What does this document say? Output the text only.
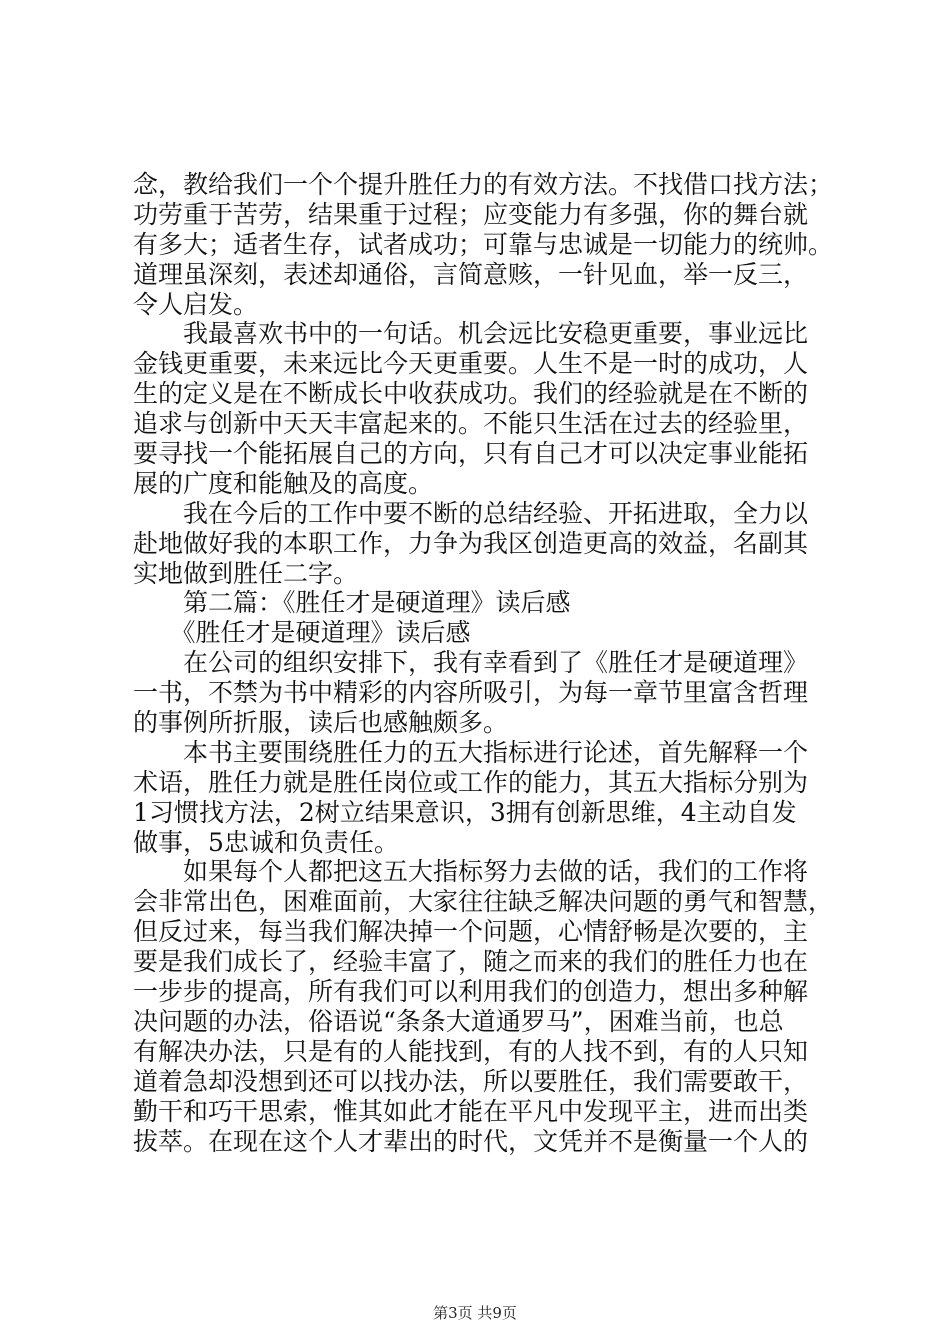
念，教给我们一个个提升胜任力的有效方法。不找借口找方法；
功劳重于苦劳，结果重于过程；应变能力有多强，你的舞台就
有多大；适者生存，试者成功；可靠与忠诚是一切能力的统帅。
道理虽深刻，表述却通俗，言简意赅，一针见血，举一反三，
令人启发。
　　我最喜欢书中的一句话。机会远比安稳更重要，事业远比
金钱更重要，未来远比今天更重要。人生不是一时的成功，人
生的定义是在不断成长中收获成功。我们的经验就是在不断的
追求与创新中天天丰富起来的。不能只生活在过去的经验里，
要寻找一个能拓展自己的方向，只有自己才可以决定事业能拓
展的广度和能触及的高度。
　　我在今后的工作中要不断的总结经验、开拓进取，全力以
赴地做好我的本职工作，力争为我区创造更高的效益，名副其
实地做到胜任二字。
　　第二篇：《胜任才是硬道理》读后感
　　《胜任才是硬道理》读后感
　　在公司的组织安排下，我有幸看到了《胜任才是硬道理》
一书，不禁为书中精彩的内容所吸引，为每一章节里富含哲理
的事例所折服，读后也感触颇多。
　　本书主要围绕胜任力的五大指标进行论述，首先解释一个
术语，胜任力就是胜任岗位或工作的能力，其五大指标分别为
1习惯找方法，2树立结果意识，3拥有创新思维，4主动自发
做事，5忠诚和负责任。
　　如果每个人都把这五大指标努力去做的话，我们的工作将
会非常出色，困难面前，大家往往缺乏解决问题的勇气和智慧，
但反过来，每当我们解决掉一个问题，心情舒畅是次要的，主
要是我们成长了，经验丰富了，随之而来的我们的胜任力也在
一步步的提高，所有我们可以利用我们的创造力，想出多种解
决问题的办法，俗语说“条条大道通罗马”，困难当前，也总
有解决办法，只是有的人能找到，有的人找不到，有的人只知
道着急却没想到还可以找办法，所以要胜任，我们需要敢干，
勤干和巧干思索，惟其如此才能在平凡中发现平主，进而出类
拔萃。在现在这个人才辈出的时代，文凭并不是衡量一个人的
第3页 共9页
